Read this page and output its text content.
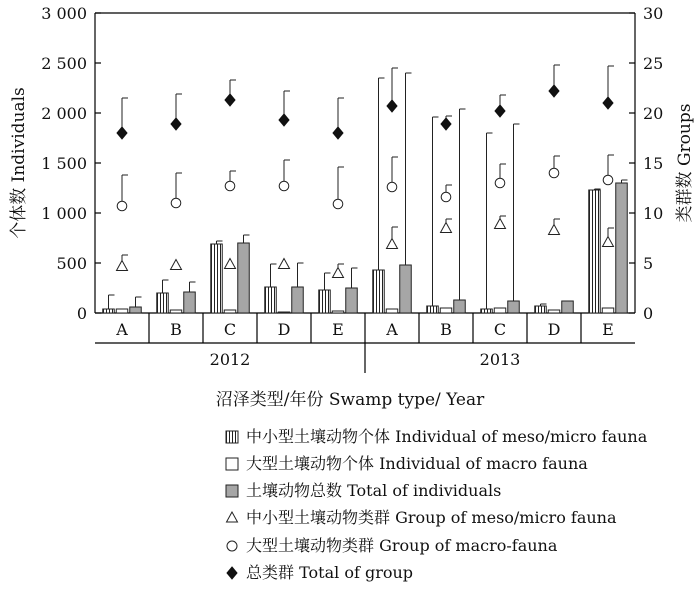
0
500
1 000
1 500
2 000
2 500
3 000
0
5
10
15
20
25
30
A	B	C	D	E	A	B	C	D	E
2012	2013
个体数 Individuals	类群数 Groups
沼泽类型/年份 Swamp type/ Year
中小型土壤动物个体 Individual of meso/micro fauna
大型土壤动物个体 Individual of macro fauna
土壤动物总数 Total of individuals
中小型土壤动物类群 Group of meso/micro fauna
大型土壤动物类群 Group of macro-fauna
总类群 Total of group
